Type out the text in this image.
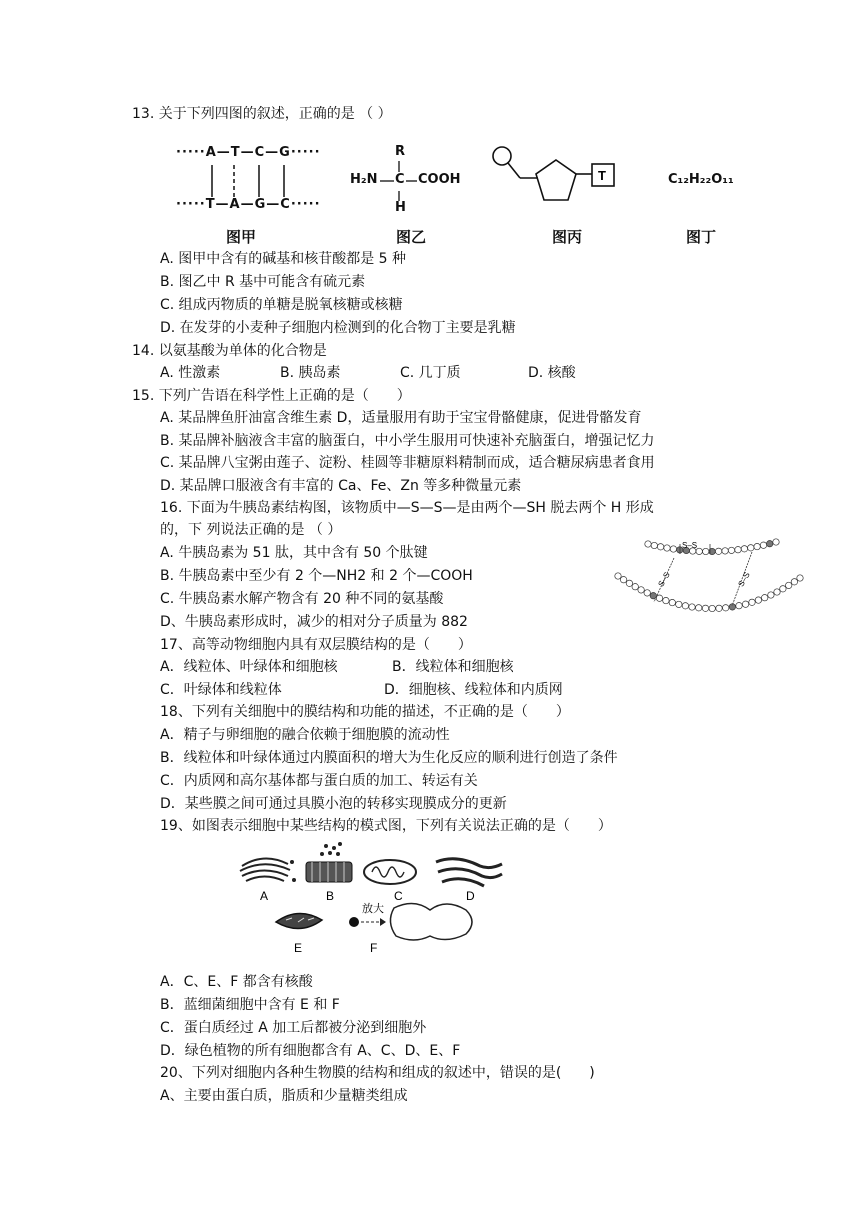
13. 关于下列四图的叙述，正确的是 （ ）
·····A—T—C—G·····
·····T—A—G—C·····
图甲
R
H₂N C COOH
H
图乙
T
图丙
C₁₂H₂₂O₁₁
图丁
A. 图甲中含有的碱基和核苷酸都是 5 种
B. 图乙中 R 基中可能含有硫元素
C. 组成丙物质的单糖是脱氧核糖或核糖
D. 在发芽的小麦种子细胞内检测到的化合物丁主要是乳糖
14. 以氨基酸为单体的化合物是
A. 性激素	B. 胰岛素	C. 几丁质	D. 核酸
15. 下列广告语在科学性上正确的是（　　）
A. 某品牌鱼肝油富含维生素 D，适量服用有助于宝宝骨骼健康，促进骨骼发育
B. 某品牌补脑液含丰富的脑蛋白，中小学生服用可快速补充脑蛋白，增强记忆力
C. 某品牌八宝粥由莲子、淀粉、桂圆等非糖原料精制而成，适合糖尿病患者食用
D. 某品牌口服液含有丰富的 Ca、Fe、Zn 等多种微量元素
16. 下面为牛胰岛素结构图，该物质中—S—S—是由两个—SH 脱去两个 H 形成
的，下 列说法正确的是 （ ）
A. 牛胰岛素为 51 肽，其中含有 50 个肽键
B. 牛胰岛素中至少有 2 个—NH2 和 2 个—COOH
C. 牛胰岛素水解产物含有 20 种不同的氨基酸
D、牛胰岛素形成时，减少的相对分子质量为 882
S–S
S–S	S–S
17、高等动物细胞内具有双层膜结构的是（　　）
A．线粒体、叶绿体和细胞核	B．线粒体和细胞核
C．叶绿体和线粒体	D．细胞核、线粒体和内质网
18、下列有关细胞中的膜结构和功能的描述，不正确的是（　　）
A．精子与卵细胞的融合依赖于细胞膜的流动性
B．线粒体和叶绿体通过内膜面积的增大为生化反应的顺利进行创造了条件
C．内质网和高尔基体都与蛋白质的加工、转运有关
D．某些膜之间可通过具膜小泡的转移实现膜成分的更新
19、如图表示细胞中某些结构的模式图，下列有关说法正确的是（　　）
A	B	C	D
E
放大
F
A．C、E、F 都含有核酸
B．蓝细菌细胞中含有 E 和 F
C．蛋白质经过 A 加工后都被分泌到细胞外
D．绿色植物的所有细胞都含有 A、C、D、E、F
20、下列对细胞内各种生物膜的结构和组成的叙述中，错误的是(　　)
A、主要由蛋白质，脂质和少量糖类组成
